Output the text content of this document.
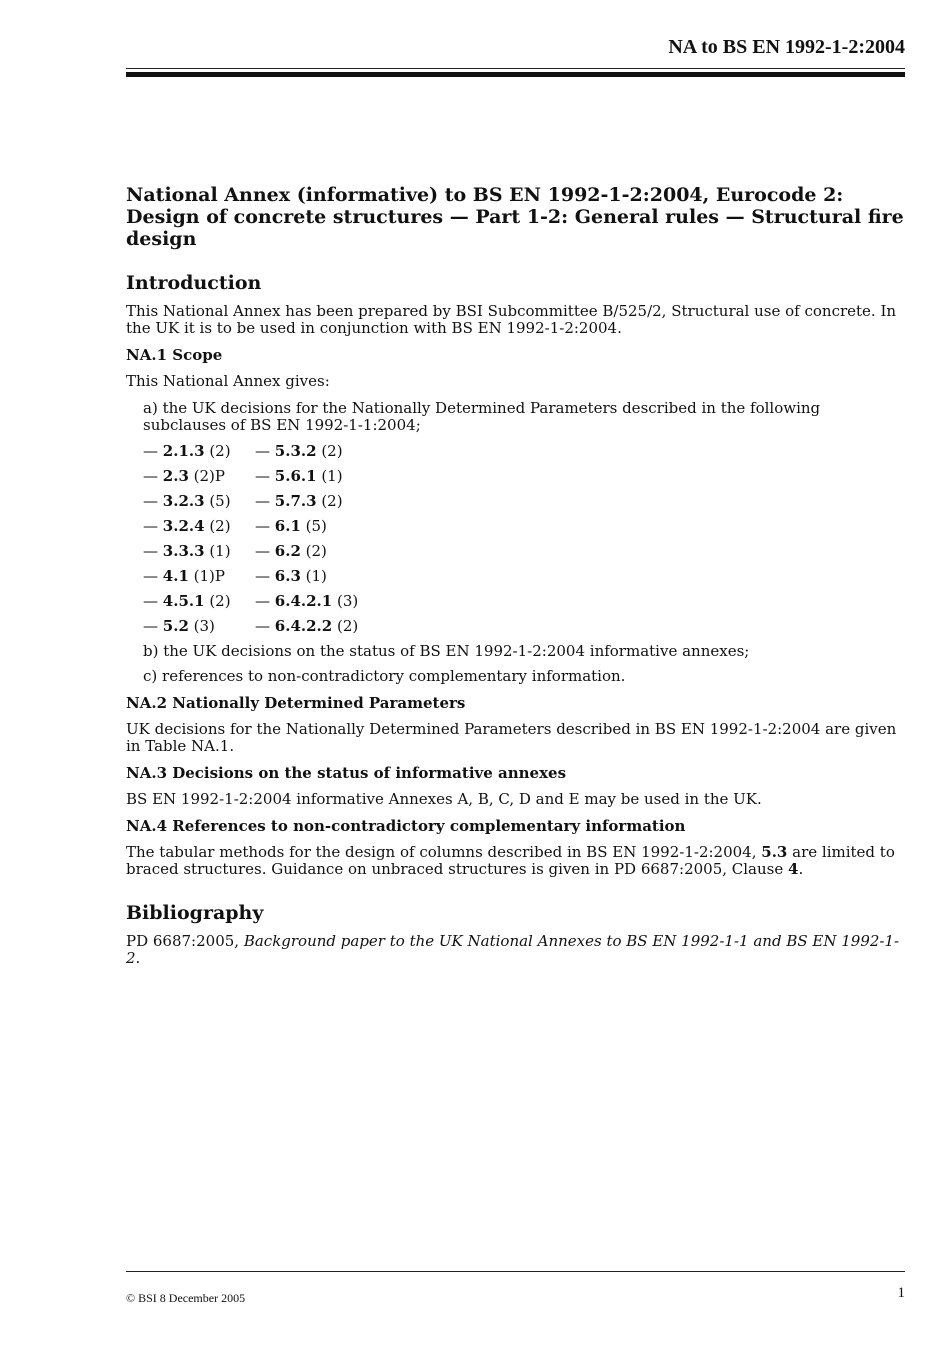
NA to BS EN 1992-1-2:2004
National Annex (informative) to BS EN 1992-1-2:2004, Eurocode 2: Design of concrete structures — Part 1-2: General rules — Structural fire design
Introduction

This National Annex has been prepared by BSI Subcommittee B/525/2, Structural use of concrete. In the UK it is to be used in conjunction with BS EN 1992-1-2:2004.

NA.1 Scope

This National Annex gives:

a) the UK decisions for the Nationally Determined Parameters described in the following subclauses of BS EN 1992-1-1:2004;

— 2.1.3 (2)	— 5.3.2 (2)
— 2.3 (2)P	— 5.6.1 (1)
— 3.2.3 (5)	— 5.7.3 (2)
— 3.2.4 (2)	— 6.1 (5)
— 3.3.3 (1)	— 6.2 (2)
— 4.1 (1)P	— 6.3 (1)
— 4.5.1 (2)	— 6.4.2.1 (3)
— 5.2 (3)	— 6.4.2.2 (2)

b) the UK decisions on the status of BS EN 1992-1-2:2004 informative annexes;

c) references to non-contradictory complementary information.

NA.2 Nationally Determined Parameters

UK decisions for the Nationally Determined Parameters described in BS EN 1992-1-2:2004 are given in Table NA.1.

NA.3 Decisions on the status of informative annexes

BS EN 1992-1-2:2004 informative Annexes A, B, C, D and E may be used in the UK.

NA.4 References to non-contradictory complementary information

The tabular methods for the design of columns described in BS EN 1992-1-2:2004, 5.3 are limited to braced structures. Guidance on unbraced structures is given in PD 6687:2005, Clause 4.

Bibliography

PD 6687:2005, Background paper to the UK National Annexes to BS EN 1992-1-1 and BS EN 1992-1-2.

© BSI 8 December 2005	1
